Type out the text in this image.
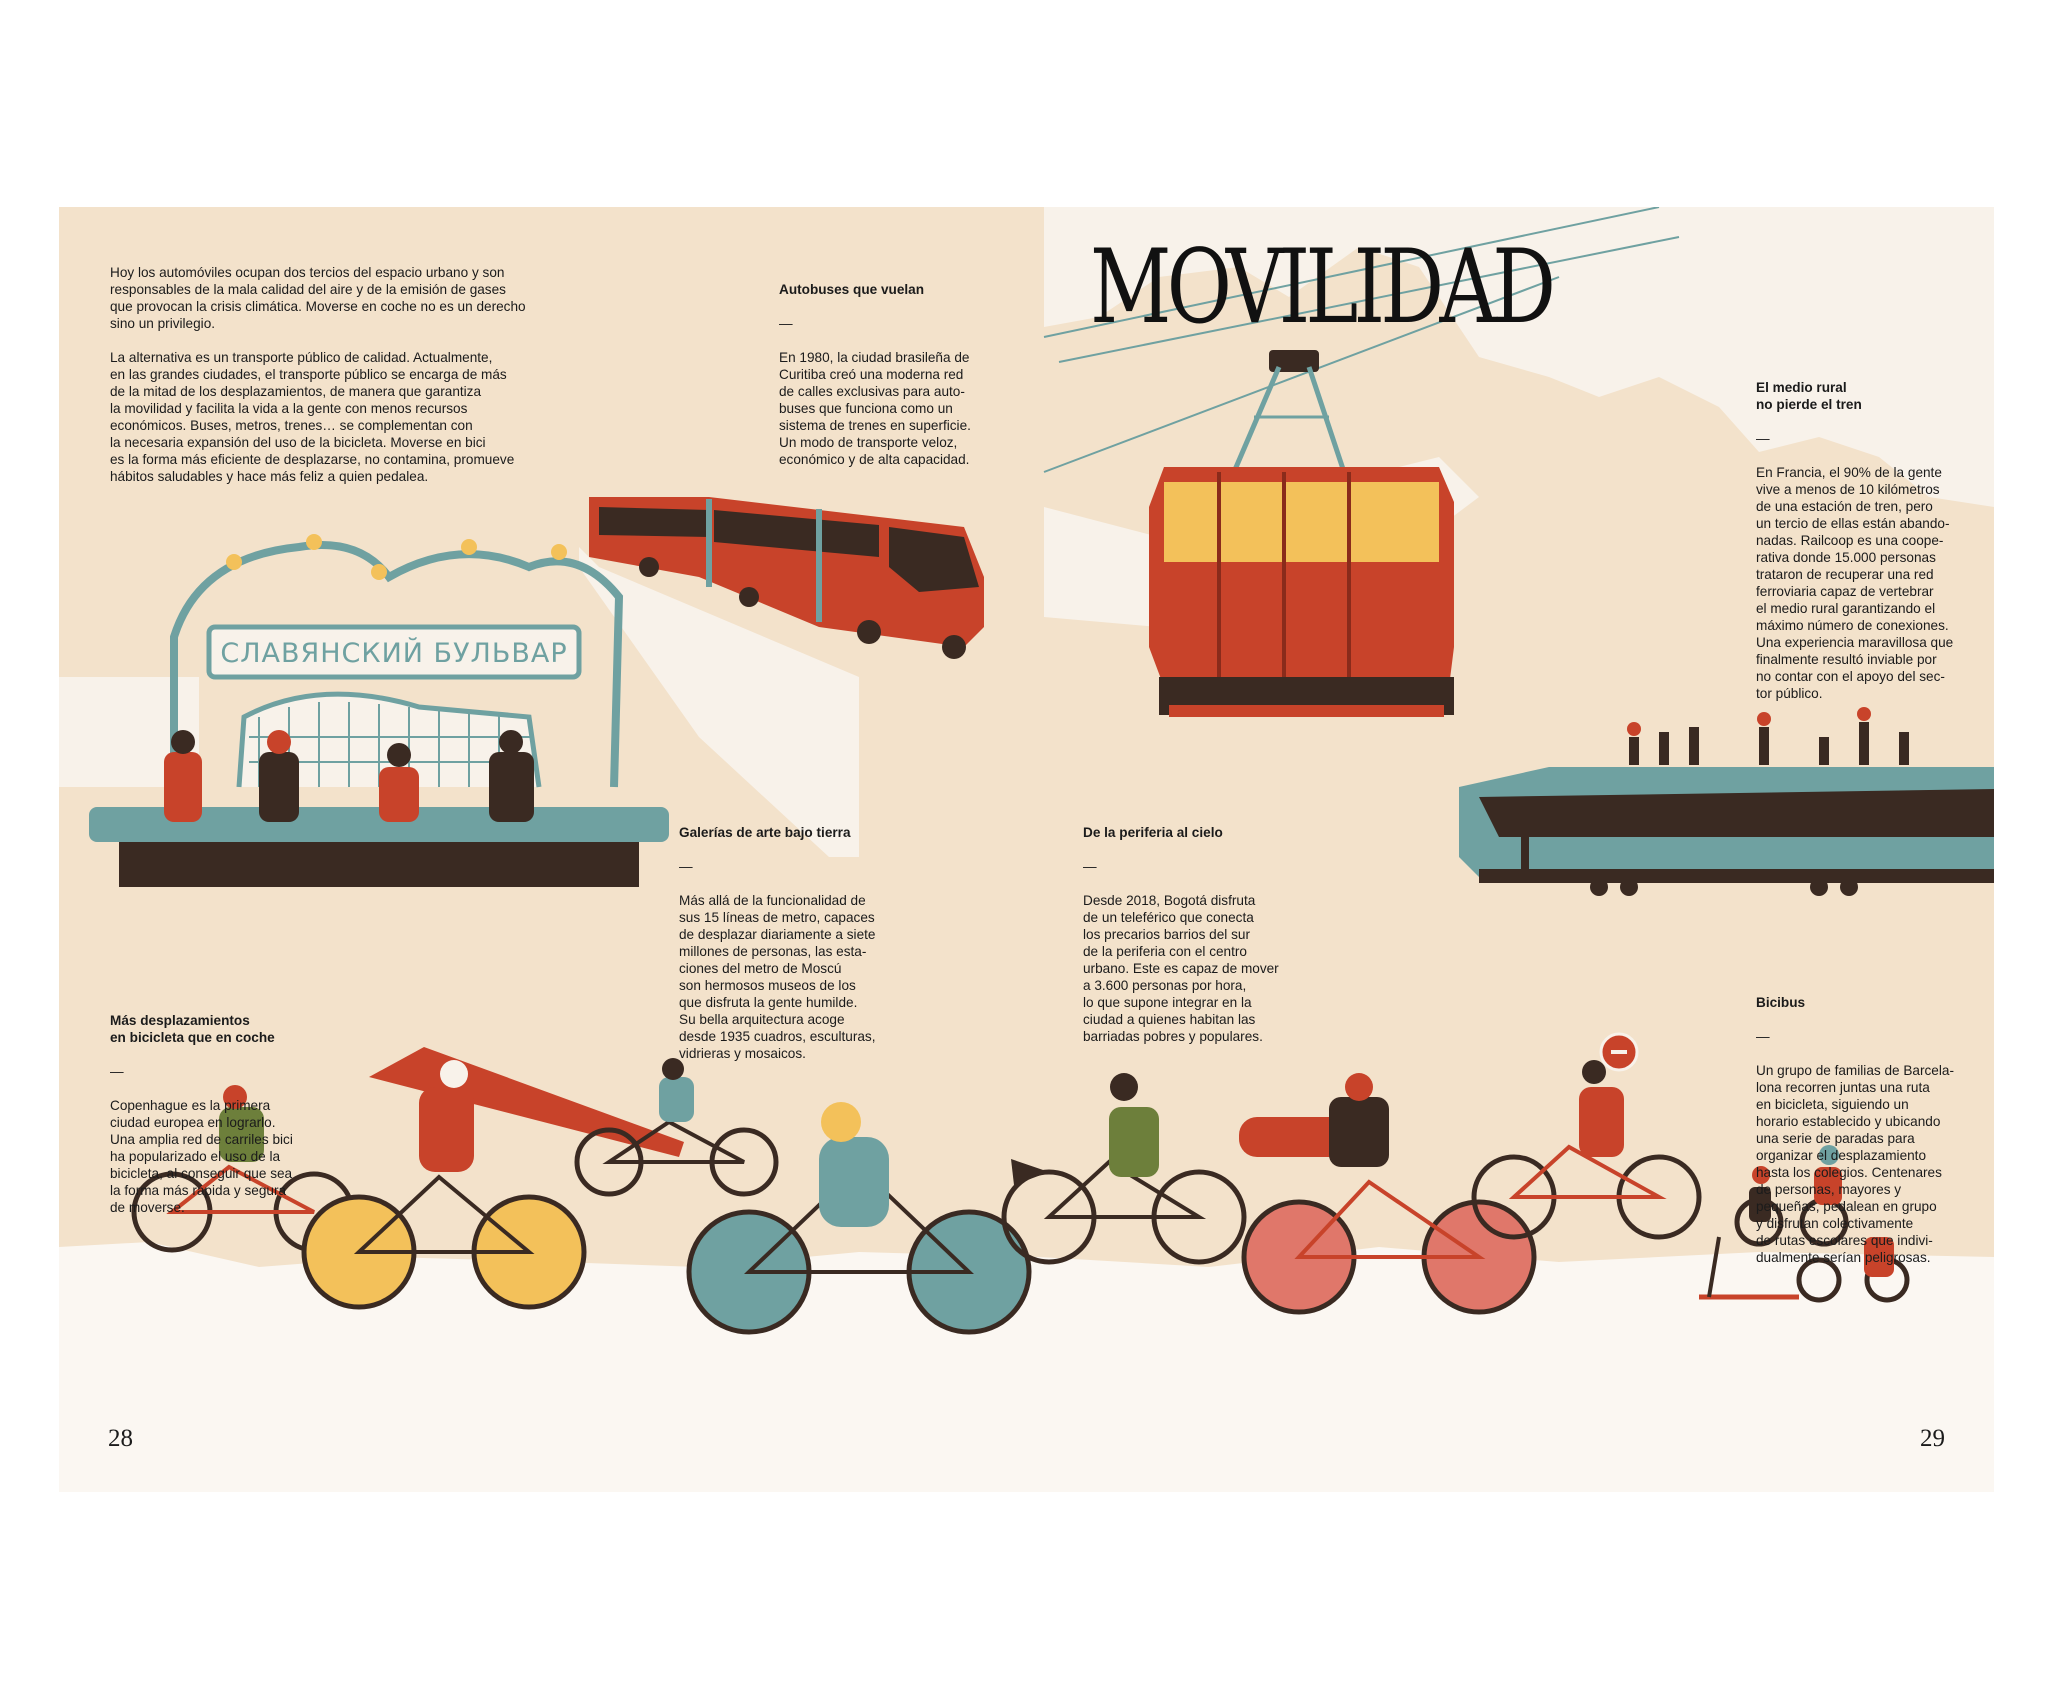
СЛАВЯНСКИЙ БУЛЬВАР
MOVILIDAD
Hoy los automóviles ocupan dos tercios del espacio urbano y son
responsables de la mala calidad del aire y de la emisión de gases
que provocan la crisis climática. Moverse en coche no es un derecho
sino un privilegio.
La alternativa es un transporte público de calidad. Actualmente,
en las grandes ciudades, el transporte público se encarga de más
de la mitad de los desplazamientos, de manera que garantiza
la movilidad y facilita la vida a la gente con menos recursos
económicos. Buses, metros, trenes… se complementan con
la necesaria expansión del uso de la bicicleta. Moverse en bici
es la forma más eficiente de desplazarse, no contamina, promueve
hábitos saludables y hace más feliz a quien pedalea.

Autobuses que vuelan

—

En 1980, la ciudad brasileña de
Curitiba creó una moderna red
de calles exclusivas para auto-
buses que funciona como un
sistema de trenes en superficie.
Un modo de transporte veloz,
económico y de alta capacidad.

El medio rural
no pierde el tren

—

En Francia, el 90% de la gente
vive a menos de 10 kilómetros
de una estación de tren, pero
un tercio de ellas están abando-
nadas. Railcoop es una coope-
rativa donde 15.000 personas
trataron de recuperar una red
ferroviaria capaz de vertebrar
el medio rural garantizando el
máximo número de conexiones.
Una experiencia maravillosa que
finalmente resultó inviable por
no contar con el apoyo del sec-
tor público.

Galerías de arte bajo tierra

—

Más allá de la funcionalidad de
sus 15 líneas de metro, capaces
de desplazar diariamente a siete
millones de personas, las esta-
ciones del metro de Moscú
son hermosos museos de los
que disfruta la gente humilde.
Su bella arquitectura acoge
desde 1935 cuadros, esculturas,
vidrieras y mosaicos.

De la periferia al cielo

—

Desde 2018, Bogotá disfruta
de un teleférico que conecta
los precarios barrios del sur
de la periferia con el centro
urbano. Este es capaz de mover
a 3.600 personas por hora,
lo que supone integrar en la
ciudad a quienes habitan las
barriadas pobres y populares.

Más desplazamientos
en bicicleta que en coche

—

Copenhague es la primera
ciudad europea en lograrlo.
Una amplia red de carriles bici
ha popularizado el uso de la
bicicleta, al conseguir que sea
la forma más rápida y segura
de moverse.

Bicibus

—

Un grupo de familias de Barcela-
lona recorren juntas una ruta
en bicicleta, siguiendo un
horario establecido y ubicando
una serie de paradas para
organizar el desplazamiento
hasta los colegios. Centenares
de personas, mayores y
pequeñas, pedalean en grupo
y disfrutan colectivamente
de rutas escolares que indivi-
dualmente serían peligrosas.

28	29
